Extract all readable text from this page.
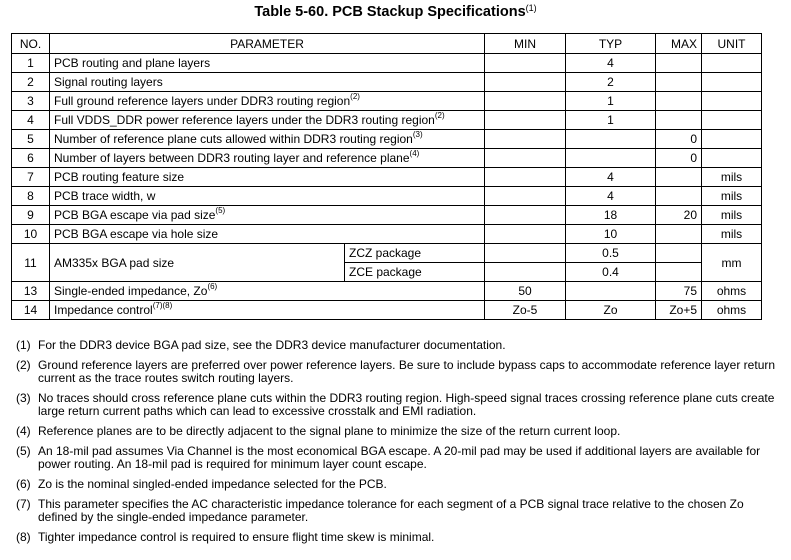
Table 5-60. PCB Stackup Specifications$^{(1)}$
NO.	PARAMETER		MIN	TYP	MAX	UNIT
1	PCB routing and plane layers			4		
2	Signal routing layers			2		
3	Full ground reference layers under DDR3 routing region$^{(2)}$			1		
4	Full VDDS_DDR power reference layers under the DDR3 routing region$^{(2)}$			1		
5	Number of reference plane cuts allowed within DDR3 routing region$^{(3)}$				0	
6	Number of layers between DDR3 routing layer and reference plane$^{(4)}$				0	
7	PCB routing feature size			4		mils
8	PCB trace width, w			4		mils
9	PCB BGA escape via pad size$^{(5)}$			18	20	mils
10	PCB BGA escape via hole size			10		mils
11	AM335x BGA pad size	ZCZ package		0.5		mm
		ZCE package		0.4		
13	Single-ended impedance, Zo$^{(6)}$		50		75	ohms
14	Impedance control$^{(7)(8)}$		Zo-5	Zo	Zo+5	ohms
(1) For the DDR3 device BGA pad size, see the DDR3 device manufacturer documentation.
(2) Ground reference layers are preferred over power reference layers. Be sure to include bypass caps to accommodate reference layer return current as the trace routes switch routing layers.
(3) No traces should cross reference plane cuts within the DDR3 routing region. High-speed signal traces crossing reference plane cuts create large return current paths which can lead to excessive crosstalk and EMI radiation.
(4) Reference planes are to be directly adjacent to the signal plane to minimize the size of the return current loop.
(5) An 18-mil pad assumes Via Channel is the most economical BGA escape. A 20-mil pad may be used if additional layers are available for power routing. An 18-mil pad is required for minimum layer count escape.
(6) Zo is the nominal singled-ended impedance selected for the PCB.
(7) This parameter specifies the AC characteristic impedance tolerance for each segment of a PCB signal trace relative to the chosen Zo defined by the single-ended impedance parameter.
(8) Tighter impedance control is required to ensure flight time skew is minimal.
